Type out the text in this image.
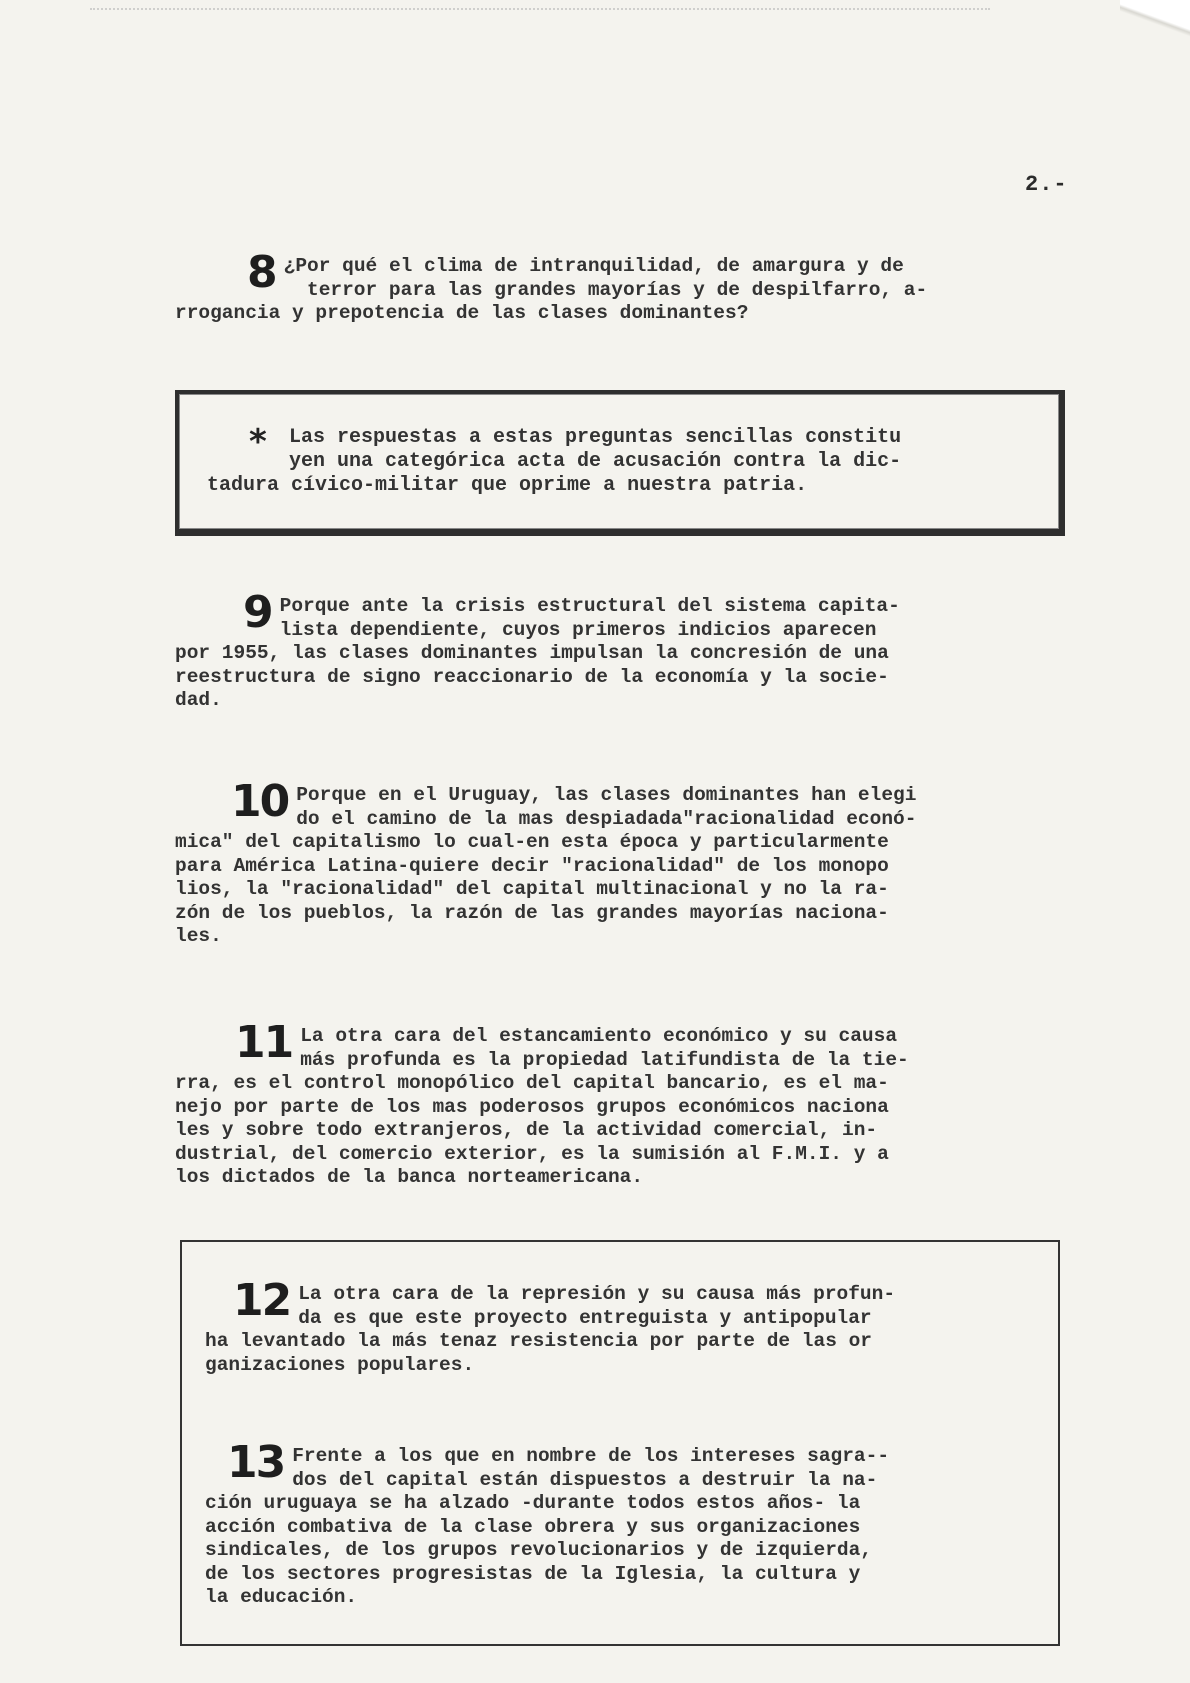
2.-
8 ¿Por qué el clima de intranquilidad, de amargura y de
terror para las grandes mayorías y de despilfarro, a-
rrogancia y prepotencia de las clases dominantes?
*	Las respuestas a estas preguntas sencillas constitu
yen una categórica acta de acusación contra la dic-
tadura cívico-militar que oprime a nuestra patria.
9 Porque ante la crisis estructural del sistema capita-
lista dependiente, cuyos primeros indicios aparecen
por 1955, las clases dominantes impulsan la concresión de una
reestructura de signo reaccionario de la economía y la socie-
dad.
10 Porque en el Uruguay, las clases dominantes han elegi
do el camino de la mas despiadada"racionalidad econó-
mica" del capitalismo lo cual-en esta época y particularmente
para América Latina-quiere decir "racionalidad" de los monopo
lios, la "racionalidad" del capital multinacional y no la ra-
zón de los pueblos, la razón de las grandes mayorías naciona-
les.
11 La otra cara del estancamiento económico y su causa
más profunda es la propiedad latifundista de la tie-
rra, es el control monopólico del capital bancario, es el ma-
nejo por parte de los mas poderosos grupos económicos naciona
les y sobre todo extranjeros, de la actividad comercial, in-
dustrial, del comercio exterior, es la sumisión al F.M.I. y a
los dictados de la banca norteamericana.
12 La otra cara de la represión y su causa más profun-
da es que este proyecto entreguista y antipopular
ha levantado la más tenaz resistencia por parte de las or
ganizaciones populares.
13 Frente a los que en nombre de los intereses sagra--
dos del capital están dispuestos a destruir la na-
ción uruguaya se ha alzado -durante todos estos años- la
acción combativa de la clase obrera y sus organizaciones
sindicales, de los grupos revolucionarios y de izquierda,
de los sectores progresistas de la Iglesia, la cultura y
la educación.
